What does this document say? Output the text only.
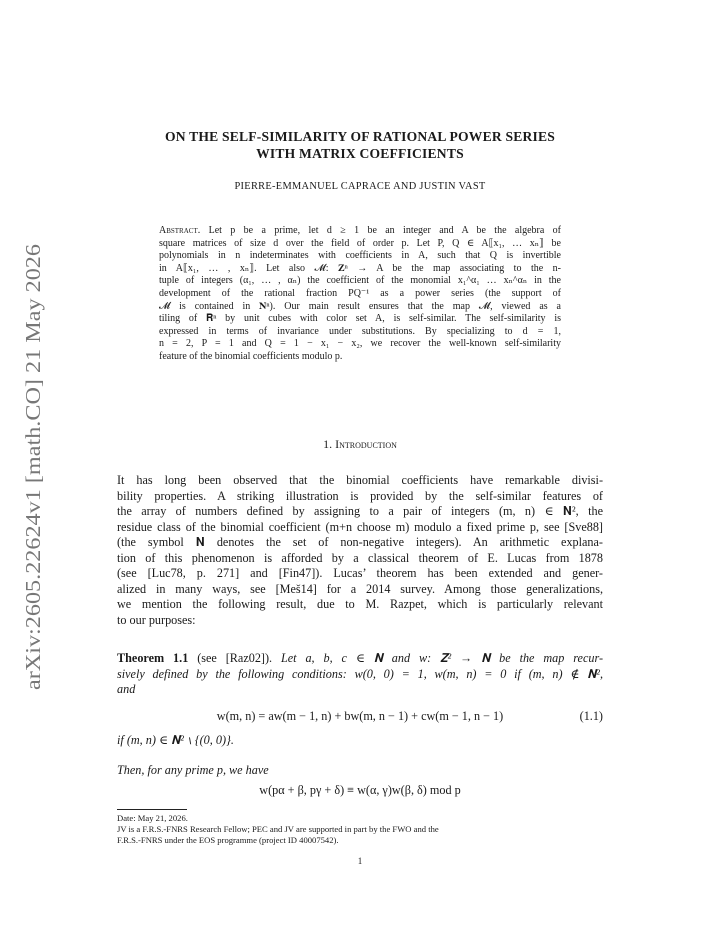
arXiv:2605.22624v1 [math.CO] 21 May 2026
ON THE SELF-SIMILARITY OF RATIONAL POWER SERIES
WITH MATRIX COEFFICIENTS
PIERRE-EMMANUEL CAPRACE AND JUSTIN VAST
Abstract. Let p be a prime, let d ≥ 1 be an integer and A be the algebra of
square matrices of size d over the field of order p. Let P, Q ∈ A⟦x₁, … xₙ⟧ be
polynomials in n indeterminates with coefficients in A, such that Q is invertible
in A⟦x₁, … , xₙ⟧. Let also 𝓜: 𝐙ⁿ → A be the map associating to the n-
tuple of integers (α₁, … , αₙ) the coefficient of the monomial x₁^α₁ … xₙ^αₙ in the
development of the rational fraction PQ⁻¹ as a power series (the support of
𝓜 is contained in 𝐍ⁿ). Our main result ensures that the map 𝓜, viewed as a
tiling of 𝐑ⁿ by unit cubes with color set A, is self-similar. The self-similarity is
expressed in terms of invariance under substitutions. By specializing to d = 1,
n = 2, P = 1 and Q = 1 − x₁ − x₂, we recover the well-known self-similarity
feature of the binomial coefficients modulo p.
1. Introduction
It has long been observed that the binomial coefficients have remarkable divisi-
bility properties. A striking illustration is provided by the self-similar features of
the array of numbers defined by assigning to a pair of integers (m, n) ∈ 𝐍², the
residue class of the binomial coefficient (m+n choose m) modulo a fixed prime p, see [Sve88]
(the symbol 𝐍 denotes the set of non-negative integers). An arithmetic explana-
tion of this phenomenon is afforded by a classical theorem of E. Lucas from 1878
(see [Luc78, p. 271] and [Fin47]). Lucas’ theorem has been extended and gener-
alized in many ways, see [Meš14] for a 2014 survey. Among those generalizations,
we mention the following result, due to M. Razpet, which is particularly relevant
to our purposes:
Theorem 1.1 (see [Raz02]). Let a, b, c ∈ 𝐍 and w: 𝐙² → 𝐍 be the map recur-
sively defined by the following conditions: w(0, 0) = 1, w(m, n) = 0 if (m, n) ∉ 𝐍²,
and
w(m, n) = aw(m − 1, n) + bw(m, n − 1) + cw(m − 1, n − 1)	(1.1)
if (m, n) ∈ 𝐍² ∖ {(0, 0)}.
Then, for any prime p, we have
w(pα + β, pγ + δ) ≡ w(α, γ)w(β, δ) mod p
Date: May 21, 2026.
JV is a F.R.S.-FNRS Research Fellow; PEC and JV are supported in part by the FWO and the
F.R.S.-FNRS under the EOS programme (project ID 40007542).
1
